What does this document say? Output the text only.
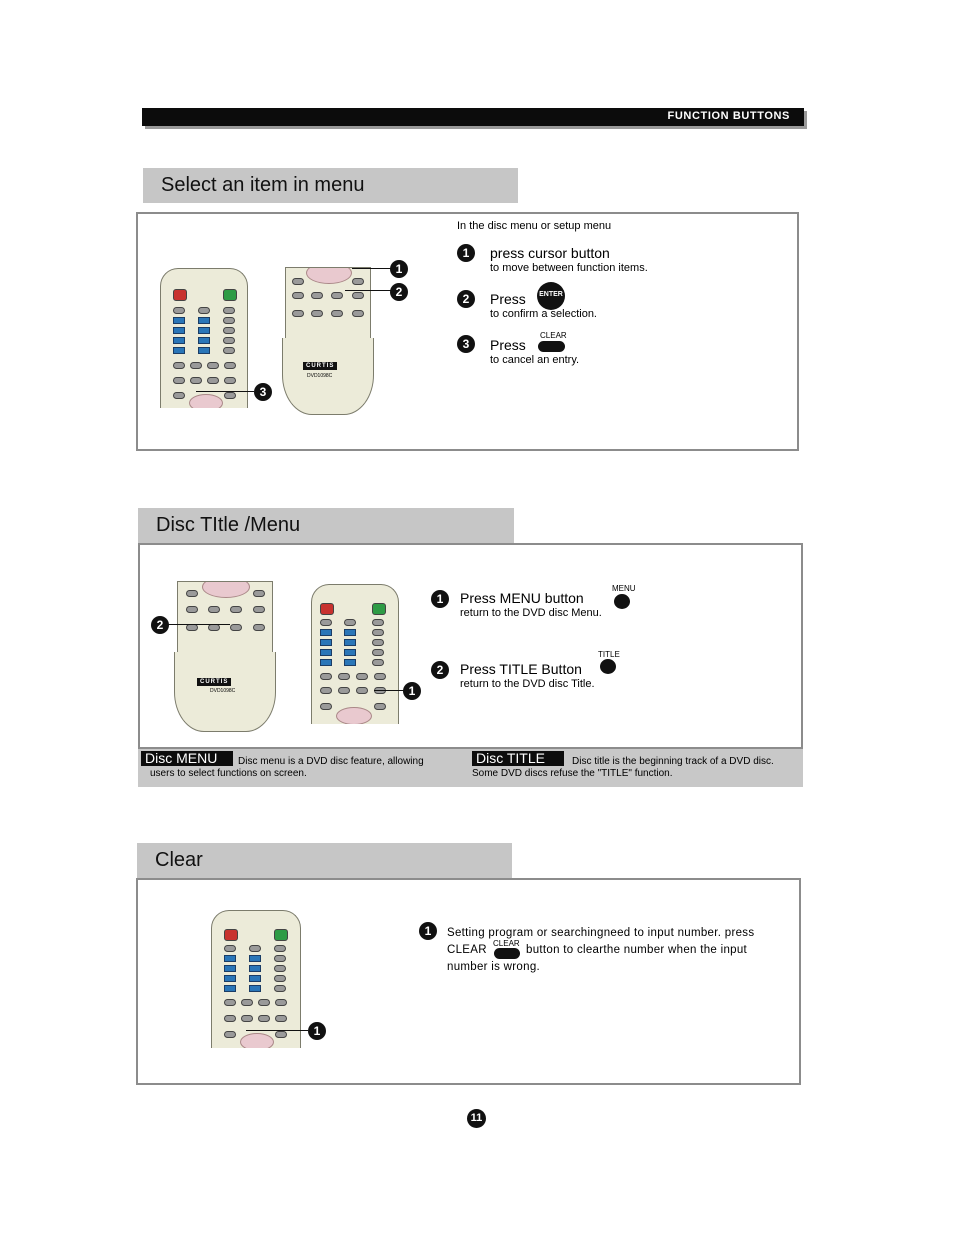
FUNCTION BUTTONS
Select an item in menu
CURTIS
DVD1098C
1
2
3
In the disc menu or setup menu
1	press cursor button
to move between function items.
2	Press	ENTER
to confirm a selection.
3	Press
CLEAR
to cancel an entry.
Disc TItle /Menu
CURTIS
DVD1098C
2
1
1	Press MENU button
MENU
return to the DVD disc Menu.
2	Press TITLE Button
TITLE
return to the DVD disc Title.
Disc MENU	Disc menu is a DVD disc feature, allowing
users to select functions on screen.
Disc TITLE	Disc title is the beginning track of a DVD disc.
Some DVD discs refuse the "TITLE" function.
Clear
1
1	Setting program or searchingneed to input number. press
CLEAR
CLEAR
button to clearthe number when the input
number is wrong.
11
